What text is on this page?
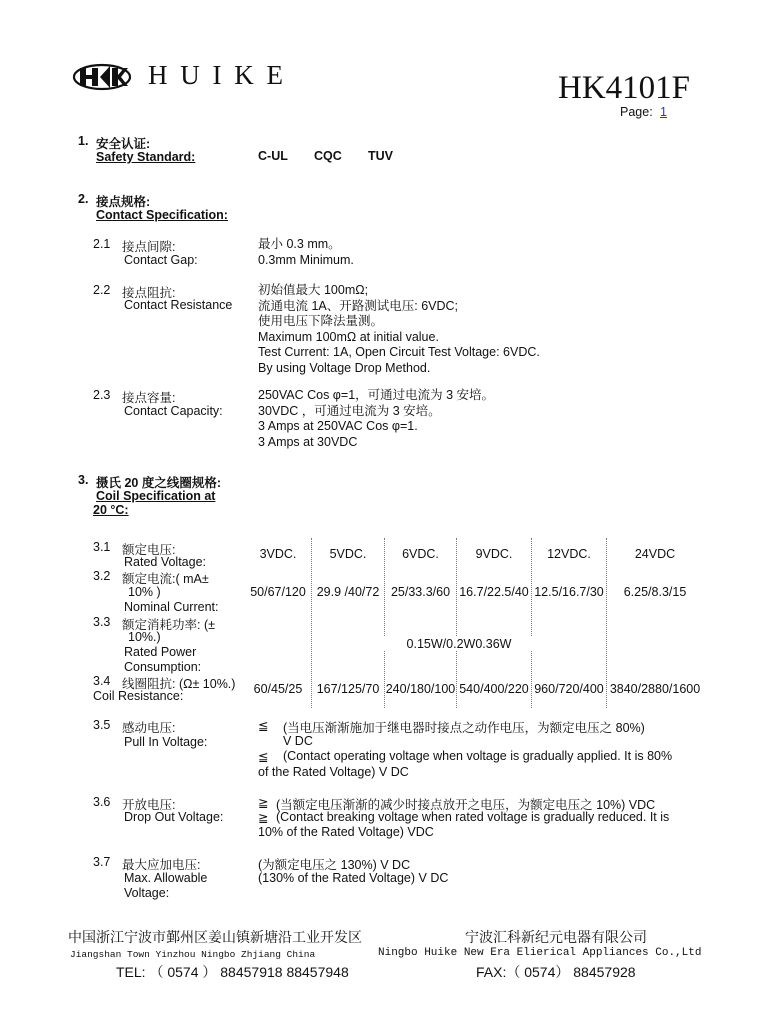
H U I K E	HK4101F
Page: 1
1. 安全认证:
Safety Standard:	C-UL CQC TUV
2. 接点规格:
Contact Specification:
2.1 接点间隙:
Contact Gap:
最小 0.3 mm。
0.3mm Minimum.
2.2 接点阻抗:
Contact Resistance
初始值最大 100mΩ;
流通电流 1A、开路测试电压: 6VDC;
使用电压下降法量测。
Maximum 100mΩ at initial value.
Test Current: 1A, Open Circuit Test Voltage: 6VDC.
By using Voltage Drop Method.
2.3 接点容量:
Contact Capacity:
250VAC Cos φ=1，可通过电流为 3 安培。
30VDC ，可通过电流为 3 安培。
3 Amps at 250VAC Cos φ=1.
3 Amps at 30VDC
3. 摄氏 20 度之线圈规格:
Coil Specification at
20 °C:
3.1 额定电压:
Rated Voltage:
3VDC.	5VDC.	6VDC.	9VDC.	12VDC.	24VDC
3.2 额定电流:( mA±
10% )
Nominal Current:
50/67/120 29.9 /40/72 25/33.3/60 16.7/22.5/40 12.5/16.7/30	6.25/8.3/15
3.3 额定消耗功率: (±
10%.)
Rated Power
Consumption:
0.15W/0.2W0.36W
3.4 线圈阻抗: (Ω± 10%.)
Coil Resistance:	60/45/25	167/125/70 240/180/100 540/400/220 960/720/400 3840/2880/1600
3.5 感动电压:
Pull In Voltage:
≦ (当电压渐渐施加于继电器时接点之动作电压，为额定电压之 80%)
V DC
≦ (Contact operating voltage when voltage is gradually applied. It is 80%
of the Rated Voltage) V DC
3.6 开放电压:
Drop Out Voltage:
≧ (当额定电压渐渐的减少时接点放开之电压，为额定电压之 10%) VDC
≧ (Contact breaking voltage when rated voltage is gradually reduced. It is
10% of the Rated Voltage) VDC
3.7 最大应加电压:
Max. Allowable
Voltage:
(为额定电压之 130%) V DC
(130% of the Rated Voltage) V DC
中国浙江宁波市鄞州区姜山镇新塘沿工业开发区	宁波汇科新纪元电器有限公司
Jiangshan Town Yinzhou Ningbo Zhjiang China	Ningbo Huike New Era Elierical Appliances Co.,Ltd
TEL: （ 0574 ） 88457918 88457948	FAX:（ 0574） 88457928
